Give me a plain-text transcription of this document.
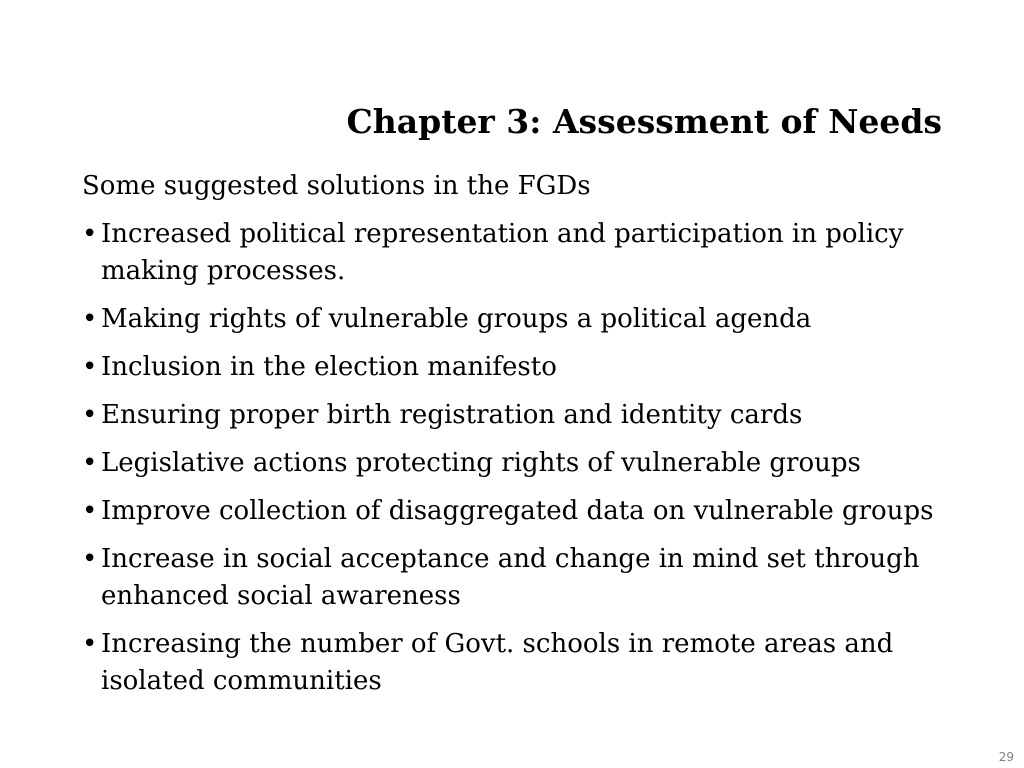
Chapter 3: Assessment of Needs

Some suggested solutions in the FGDs

• Increased political representation and participation in policy making processes.
• Making rights of vulnerable groups a political agenda
• Inclusion in the election manifesto
• Ensuring proper birth registration and identity cards
• Legislative actions protecting rights of vulnerable groups
• Improve collection of disaggregated data on vulnerable groups
• Increase in social acceptance and change in mind set through enhanced social awareness
• Increasing the number of Govt. schools in remote areas and isolated communities
29
